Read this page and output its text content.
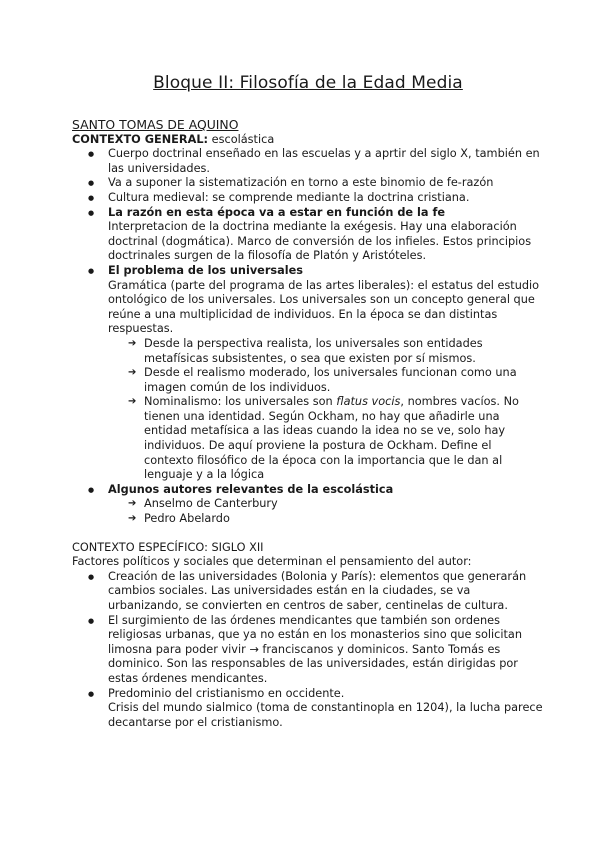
Bloque II: Filosofía de la Edad Media
SANTO TOMAS DE AQUINO
CONTEXTO GENERAL: escolástica
● Cuerpo doctrinal enseñado en las escuelas y a aprtir del siglo X, también en las universidades.
● Va a suponer la sistematización en torno a este binomio de fe-razón
● Cultura medieval: se comprende mediante la doctrina cristiana.
● La razón en esta época va a estar en función de la fe
Interpretacion de la doctrina mediante la exégesis. Hay una elaboración doctrinal (dogmática). Marco de conversión de los infieles. Estos principios doctrinales surgen de la filosofía de Platón y Aristóteles.
● El problema de los universales
Gramática (parte del programa de las artes liberales): el estatus del estudio ontológico de los universales. Los universales son un concepto general que reúne a una multiplicidad de individuos. En la época se dan distintas respuestas.
➔ Desde la perspectiva realista, los universales son entidades metafísicas subsistentes, o sea que existen por sí mismos.
➔ Desde el realismo moderado, los universales funcionan como una imagen común de los individuos.
➔ Nominalismo: los universales son flatus vocis, nombres vacíos. No tienen una identidad. Según Ockham, no hay que añadirle una entidad metafísica a las ideas cuando la idea no se ve, solo hay individuos. De aquí proviene la postura de Ockham. Define el contexto filosófico de la época con la importancia que le dan al lenguaje y a la lógica
● Algunos autores relevantes de la escolástica
➔ Anselmo de Canterbury
➔ Pedro Abelardo
CONTEXTO ESPECÍFICO: SIGLO XII
Factores políticos y sociales que determinan el pensamiento del autor:
● Creación de las universidades (Bolonia y París): elementos que generarán cambios sociales. Las universidades están en la ciudades, se va urbanizando, se convierten en centros de saber, centinelas de cultura.
● El surgimiento de las órdenes mendicantes que también son ordenes religiosas urbanas, que ya no están en los monasterios sino que solicitan limosna para poder vivir → franciscanos y dominicos. Santo Tomás es dominico. Son las responsables de las universidades, están dirigidas por estas órdenes mendicantes.
● Predominio del cristianismo en occidente.
Crisis del mundo sialmico (toma de constantinopla en 1204), la lucha parece decantarse por el cristianismo.
